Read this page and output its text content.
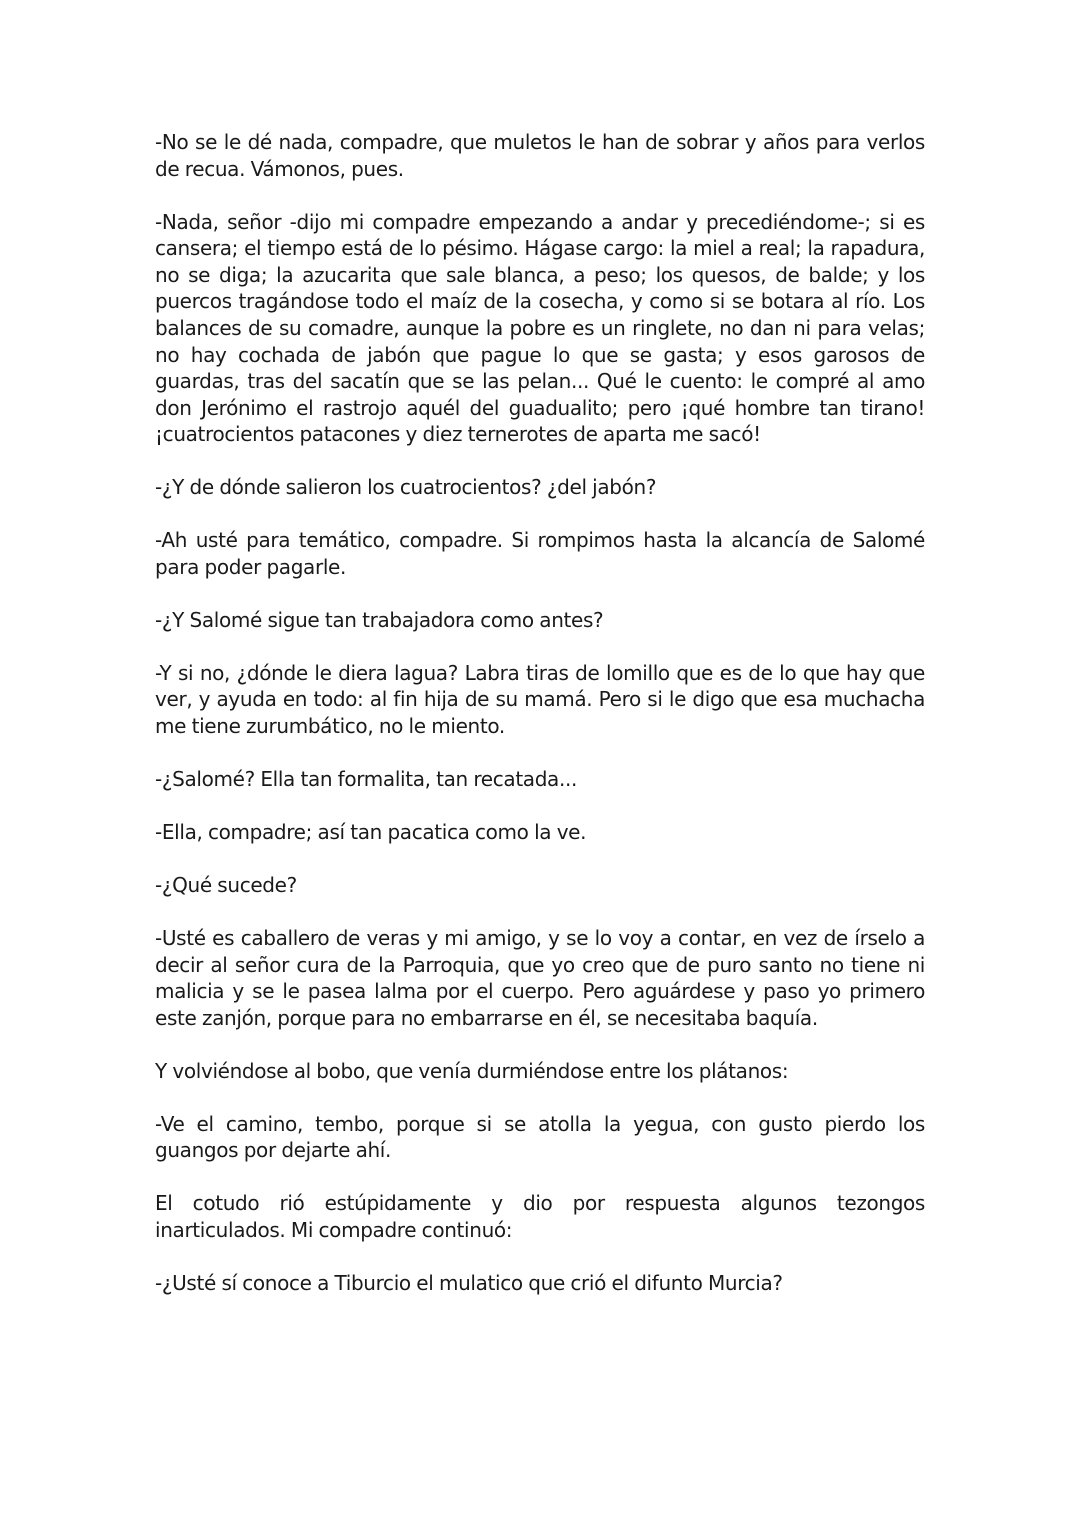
-No se le dé nada, compadre, que muletos le han de sobrar y años para verlos de recua. Vámonos, pues.

-Nada, señor -dijo mi compadre empezando a andar y precediéndome-; si es cansera; el tiempo está de lo pésimo. Hágase cargo: la miel a real; la rapadura, no se diga; la azucarita que sale blanca, a peso; los quesos, de balde; y los puercos tragándose todo el maíz de la cosecha, y como si se botara al río. Los balances de su comadre, aunque la pobre es un ringlete, no dan ni para velas; no hay cochada de jabón que pague lo que se gasta; y esos garosos de guardas, tras del sacatín que se las pelan... Qué le cuento: le compré al amo don Jerónimo el rastrojo aquél del guadualito; pero ¡qué hombre tan tirano! ¡cuatrocientos patacones y diez ternerotes de aparta me sacó!

-¿Y de dónde salieron los cuatrocientos? ¿del jabón?

-Ah usté para temático, compadre. Si rompimos hasta la alcancía de Salomé para poder pagarle.

-¿Y Salomé sigue tan trabajadora como antes?

-Y si no, ¿dónde le diera lagua? Labra tiras de lomillo que es de lo que hay que ver, y ayuda en todo: al fin hija de su mamá. Pero si le digo que esa muchacha me tiene zurumbático, no le miento.

-¿Salomé? Ella tan formalita, tan recatada...

-Ella, compadre; así tan pacatica como la ve.

-¿Qué sucede?

-Usté es caballero de veras y mi amigo, y se lo voy a contar, en vez de írselo a decir al señor cura de la Parroquia, que yo creo que de puro santo no tiene ni malicia y se le pasea lalma por el cuerpo. Pero aguárdese y paso yo primero este zanjón, porque para no embarrarse en él, se necesitaba baquía.

Y volviéndose al bobo, que venía durmiéndose entre los plátanos:

-Ve el camino, tembo, porque si se atolla la yegua, con gusto pierdo los guangos por dejarte ahí.

El cotudo rió estúpidamente y dio por respuesta algunos tezongos inarticulados. Mi compadre continuó:

-¿Usté sí conoce a Tiburcio el mulatico que crió el difunto Murcia?
